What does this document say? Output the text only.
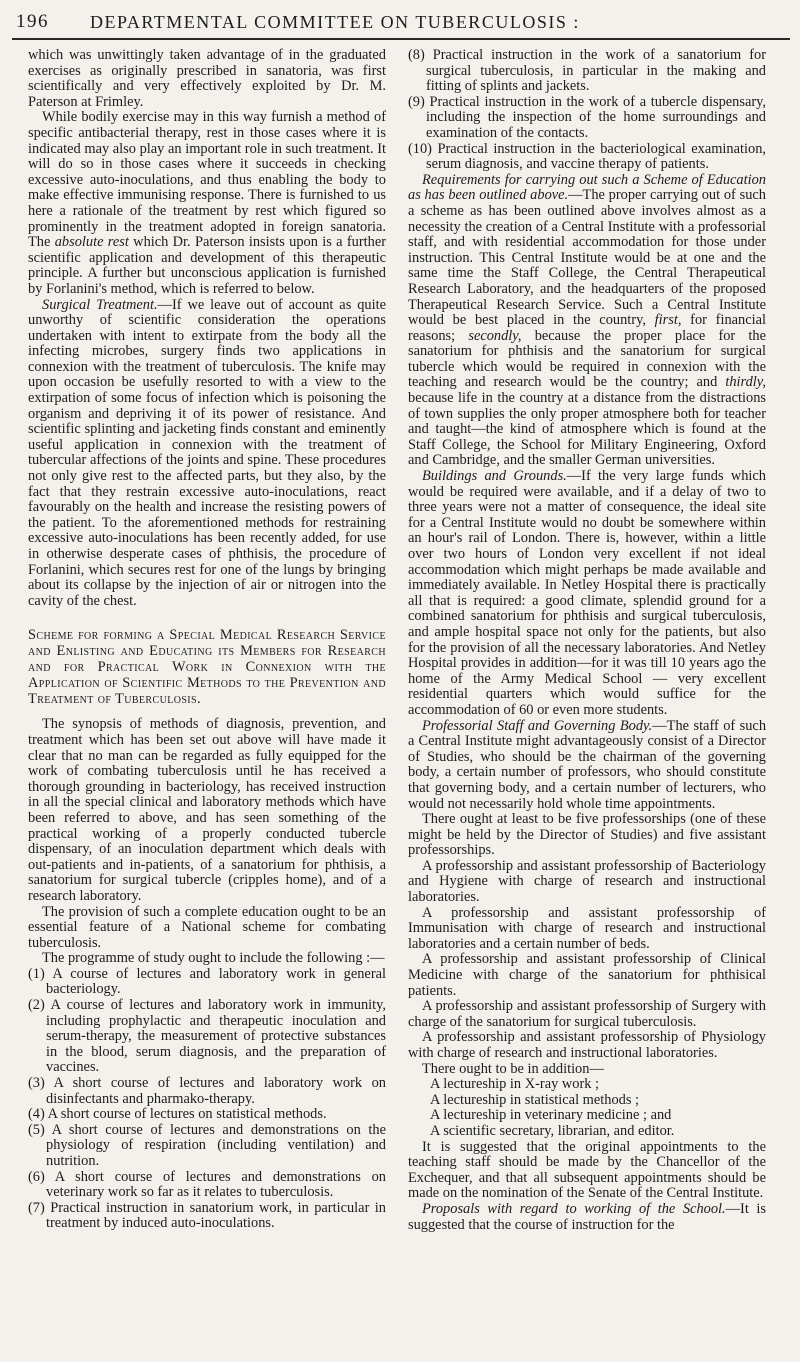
196 DEPARTMENTAL COMMITTEE ON TUBERCULOSIS :

which was unwittingly taken advantage of in the graduated exercises as originally prescribed in sanatoria, was first scientifically and very effectively exploited by Dr. M. Paterson at Frimley.

While bodily exercise may in this way furnish a method of specific antibacterial therapy, rest in those cases where it is indicated may also play an important role in such treatment. It will do so in those cases where it succeeds in checking excessive auto-inoculations, and thus enabling the body to make effective immunising response. There is furnished to us here a rationale of the treatment by rest which figured so prominently in the treatment adopted in foreign sanatoria. The absolute rest which Dr. Paterson insists upon is a further scientific application and development of this therapeutic principle. A further but unconscious application is furnished by Forlanini's method, which is referred to below.

Surgical Treatment.—If we leave out of account as quite unworthy of scientific consideration the operations undertaken with intent to extirpate from the body all the infecting microbes, surgery finds two applications in connexion with the treatment of tuberculosis. The knife may upon occasion be usefully resorted to with a view to the extirpation of some focus of infection which is poisoning the organism and depriving it of its power of resistance. And scientific splinting and jacketing finds constant and eminently useful application in connexion with the treatment of tubercular affections of the joints and spine. These procedures not only give rest to the affected parts, but they also, by the fact that they restrain excessive auto-inoculations, react favourably on the health and increase the resisting powers of the patient. To the aforementioned methods for restraining excessive auto-inoculations has been recently added, for use in otherwise desperate cases of phthisis, the procedure of Forlanini, which secures rest for one of the lungs by bringing about its collapse by the injection of air or nitrogen into the cavity of the chest.

Scheme for forming a Special Medical Research Service and Enlisting and Educating its Members for Research and for Practical Work in Connexion with the Application of Scientific Methods to the Prevention and Treatment of Tuberculosis.

The synopsis of methods of diagnosis, prevention, and treatment which has been set out above will have made it clear that no man can be regarded as fully equipped for the work of combating tuberculosis until he has received a thorough grounding in bacteriology, has received instruction in all the special clinical and laboratory methods which have been referred to above, and has seen something of the practical working of a properly conducted tubercle dispensary, of an inoculation department which deals with out-patients and in-patients, of a sanatorium for phthisis, a sanatorium for surgical tubercle (cripples home), and of a research laboratory.

The provision of such a complete education ought to be an essential feature of a National scheme for combating tuberculosis.

The programme of study ought to include the following :—

(1) A course of lectures and laboratory work in general bacteriology.
(2) A course of lectures and laboratory work in immunity, including prophylactic and therapeutic inoculation and serum-therapy, the measurement of protective substances in the blood, serum diagnosis, and the preparation of vaccines.
(3) A short course of lectures and laboratory work on disinfectants and pharmako-therapy.
(4) A short course of lectures on statistical methods.
(5) A short course of lectures and demonstrations on the physiology of respiration (including ventilation) and nutrition.
(6) A short course of lectures and demonstrations on veterinary work so far as it relates to tuberculosis.
(7) Practical instruction in sanatorium work, in particular in treatment by induced auto-inoculations.
(8) Practical instruction in the work of a sanatorium for surgical tuberculosis, in particular in the making and fitting of splints and jackets.
(9) Practical instruction in the work of a tubercle dispensary, including the inspection of the home surroundings and examination of the contacts.
(10) Practical instruction in the bacteriological examination, serum diagnosis, and vaccine therapy of patients.

Requirements for carrying out such a Scheme of Education as has been outlined above.—The proper carrying out of such a scheme as has been outlined above involves almost as a necessity the creation of a Central Institute with a professorial staff, and with residential accommodation for those under instruction. This Central Institute would be at one and the same time the Staff College, the Central Therapeutical Research Laboratory, and the headquarters of the proposed Therapeutical Research Service. Such a Central Institute would be best placed in the country, first, for financial reasons; secondly, because the proper place for the sanatorium for phthisis and the sanatorium for surgical tubercle which would be required in connexion with the teaching and research would be the country; and thirdly, because life in the country at a distance from the distractions of town supplies the only proper atmosphere both for teacher and taught—the kind of atmosphere which is found at the Staff College, the School for Military Engineering, Oxford and Cambridge, and the smaller German universities.

Buildings and Grounds.—If the very large funds which would be required were available, and if a delay of two to three years were not a matter of consequence, the ideal site for a Central Institute would no doubt be somewhere within an hour's rail of London. There is, however, within a little over two hours of London very excellent if not ideal accommodation which might perhaps be made available and immediately available. In Netley Hospital there is practically all that is required: a good climate, splendid ground for a combined sanatorium for phthisis and surgical tuberculosis, and ample hospital space not only for the patients, but also for the provision of all the necessary laboratories. And Netley Hospital provides in addition—for it was till 10 years ago the home of the Army Medical School — very excellent residential quarters which would suffice for the accommodation of 60 or even more students.

Professorial Staff and Governing Body.—The staff of such a Central Institute might advantageously consist of a Director of Studies, who should be the chairman of the governing body, a certain number of professors, who should constitute that governing body, and a certain number of lecturers, who would not necessarily hold whole time appointments.

There ought at least to be five professorships (one of these might be held by the Director of Studies) and five assistant professorships.

A professorship and assistant professorship of Bacteriology and Hygiene with charge of research and instructional laboratories.

A professorship and assistant professorship of Immunisation with charge of research and instructional laboratories and a certain number of beds.

A professorship and assistant professorship of Clinical Medicine with charge of the sanatorium for phthisical patients.

A professorship and assistant professorship of Surgery with charge of the sanatorium for surgical tuberculosis.

A professorship and assistant professorship of Physiology with charge of research and instructional laboratories.

There ought to be in addition—

A lectureship in X-ray work ;

A lectureship in statistical methods ;

A lectureship in veterinary medicine ; and

A scientific secretary, librarian, and editor.

It is suggested that the original appointments to the teaching staff should be made by the Chancellor of the Exchequer, and that all subsequent appointments should be made on the nomination of the Senate of the Central Institute.

Proposals with regard to working of the School.—It is suggested that the course of instruction for the
